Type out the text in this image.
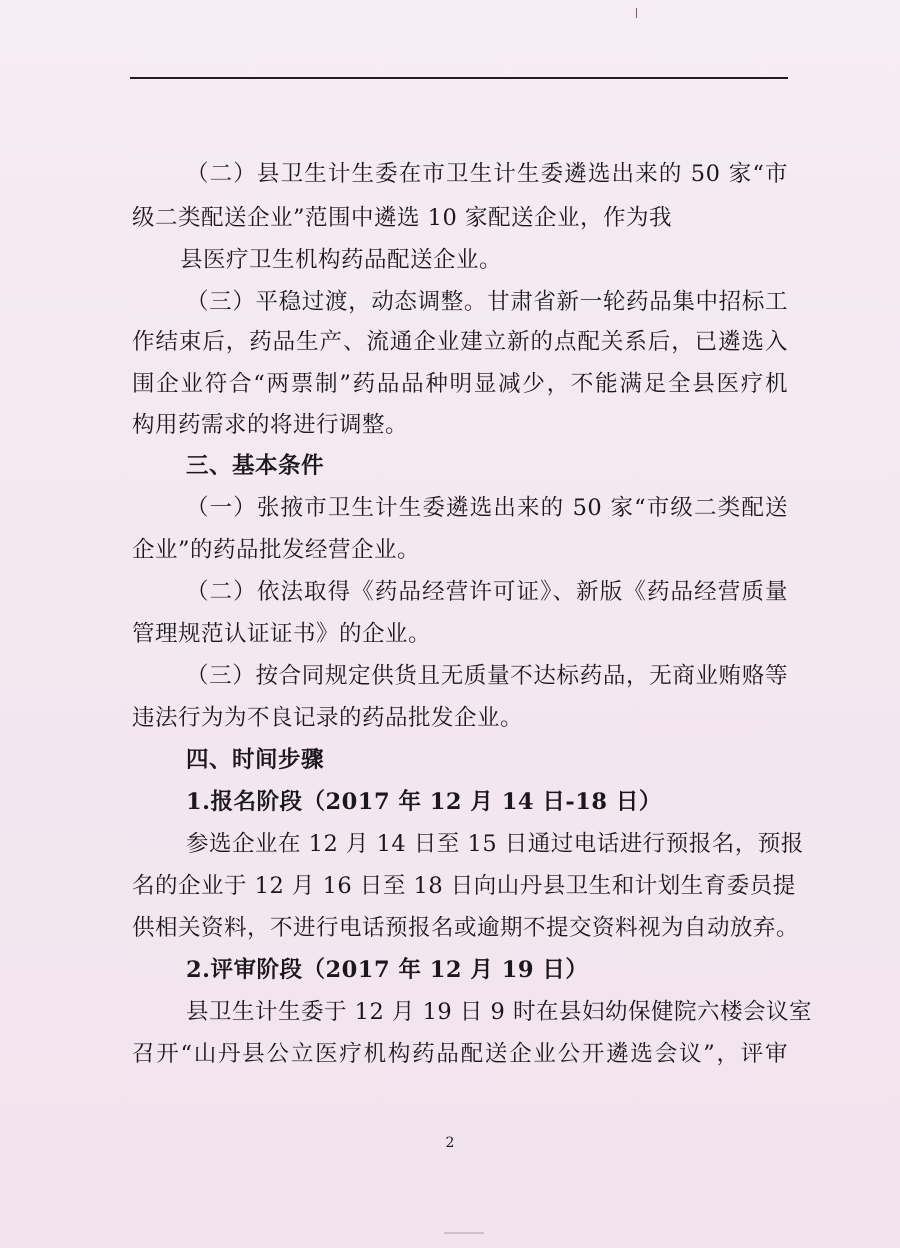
（二）县卫生计生委在市卫生计生委遴选出来的 50 家“市
级二类配送企业”范围中遴选 10 家配送企业，作为我
县医疗卫生机构药品配送企业。
（三）平稳过渡，动态调整。甘肃省新一轮药品集中招标工
作结束后，药品生产、流通企业建立新的点配关系后，已遴选入
围企业符合“两票制”药品品种明显减少，不能满足全县医疗机
构用药需求的将进行调整。
三、基本条件
（一）张掖市卫生计生委遴选出来的 50 家“市级二类配送
企业”的药品批发经营企业。
（二）依法取得《药品经营许可证》、新版《药品经营质量
管理规范认证证书》的企业。
（三）按合同规定供货且无质量不达标药品，无商业贿赂等
违法行为为不良记录的药品批发企业。
四、时间步骤
1.报名阶段（2017 年 12 月 14 日-18 日）
参选企业在 12 月 14 日至 15 日通过电话进行预报名，预报
名的企业于 12 月 16 日至 18 日向山丹县卫生和计划生育委员提
供相关资料，不进行电话预报名或逾期不提交资料视为自动放弃。
2.评审阶段（2017 年 12 月 19 日）
县卫生计生委于 12 月 19 日 9 时在县妇幼保健院六楼会议室
召开“山丹县公立医疗机构药品配送企业公开遴选会议”，评审
2
